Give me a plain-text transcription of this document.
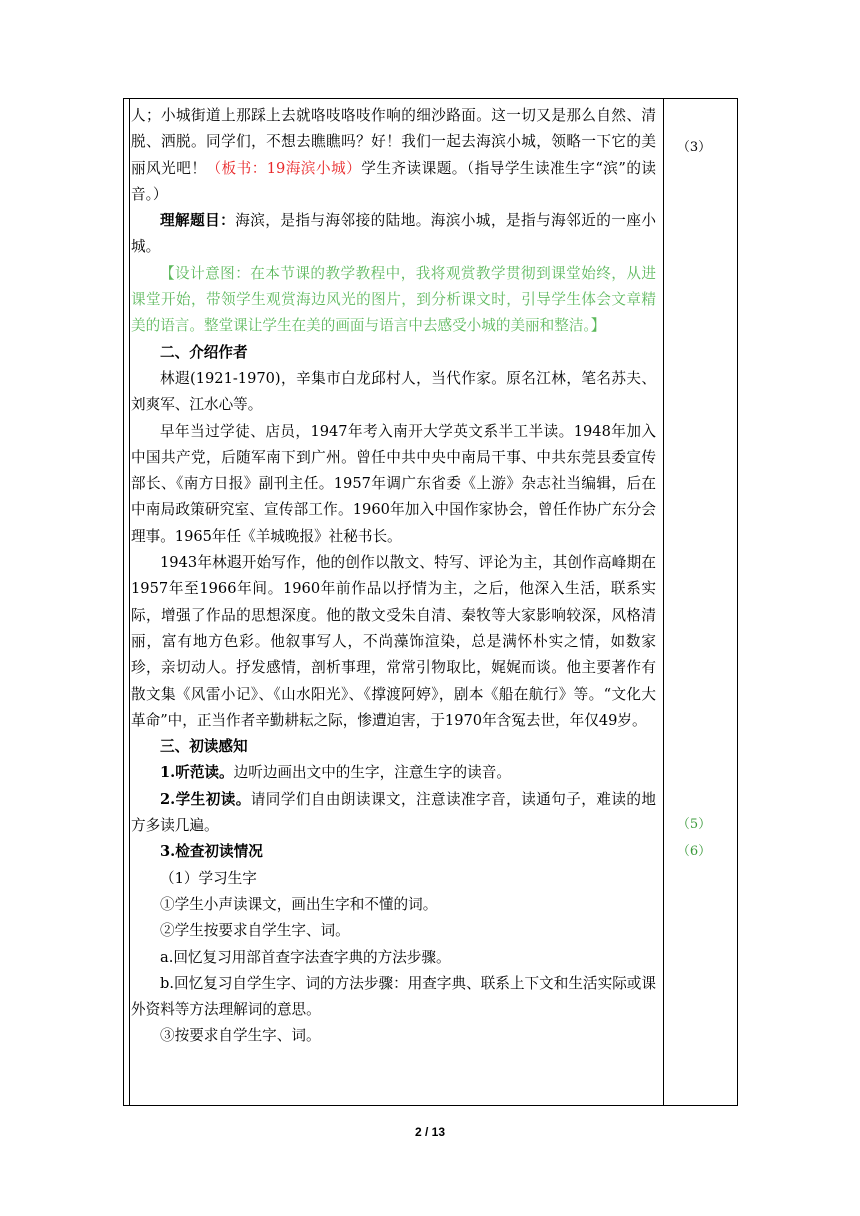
人；小城街道上那踩上去就咯吱咯吱作响的细沙路面。这一切又是那么自然、清脱、洒脱。同学们，不想去瞧瞧吗？好！我们一起去海滨小城，领略一下它的美丽风光吧！（板书：19海滨小城）学生齐读课题。（指导学生读准生字“滨”的读音。）

理解题目：海滨，是指与海邻接的陆地。海滨小城，是指与海邻近的一座小城。

【设计意图：在本节课的教学教程中，我将观赏教学贯彻到课堂始终，从进课堂开始，带领学生观赏海边风光的图片，到分析课文时，引导学生体会文章精美的语言。整堂课让学生在美的画面与语言中去感受小城的美丽和整洁。】

二、介绍作者

林遐(1921-1970)，辛集市白龙邱村人，当代作家。原名江林，笔名苏夫、刘爽军、江水心等。

早年当过学徒、店员，1947年考入南开大学英文系半工半读。1948年加入中国共产党，后随军南下到广州。曾任中共中央中南局干事、中共东莞县委宣传部长、《南方日报》副刊主任。1957年调广东省委《上游》杂志社当编辑，后在中南局政策研究室、宣传部工作。1960年加入中国作家协会，曾任作协广东分会理事。1965年任《羊城晚报》社秘书长。

1943年林遐开始写作，他的创作以散文、特写、评论为主，其创作高峰期在1957年至1966年间。1960年前作品以抒情为主，之后，他深入生活，联系实际，增强了作品的思想深度。他的散文受朱自清、秦牧等大家影响较深，风格清丽，富有地方色彩。他叙事写人，不尚藻饰渲染，总是满怀朴实之情，如数家珍，亲切动人。抒发感情，剖析事理，常常引物取比，娓娓而谈。他主要著作有散文集《风雷小记》、《山水阳光》、《撑渡阿婷》，剧本《船在航行》等。“文化大革命”中，正当作者辛勤耕耘之际，惨遭迫害，于1970年含冤去世，年仅49岁。

三、初读感知

1.听范读。边听边画出文中的生字，注意生字的读音。

2.学生初读。请同学们自由朗读课文，注意读准字音，读通句子，难读的地方多读几遍。

3.检查初读情况

（1）学习生字

①学生小声读课文，画出生字和不懂的词。

②学生按要求自学生字、词。

a.回忆复习用部首查字法查字典的方法步骤。

b.回忆复习自学生字、词的方法步骤：用查字典、联系上下文和生活实际或课外资料等方法理解词的意思。

③按要求自学生字、词。

（3）
（5）
（6）
2 / 13
